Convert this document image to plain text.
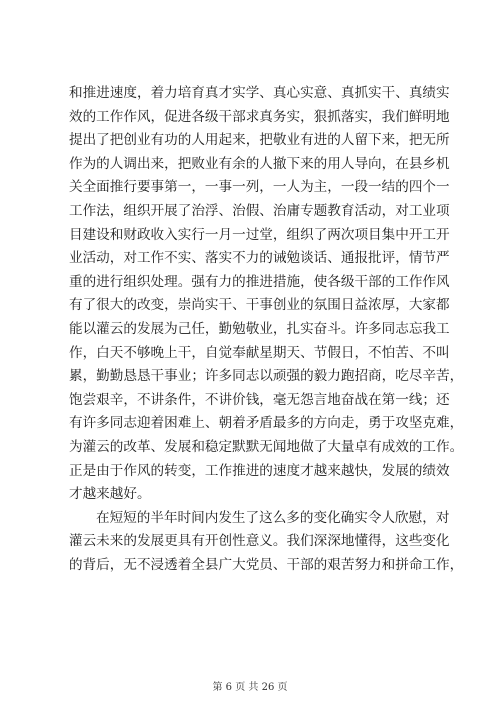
和推进速度，着力培育真才实学、真心实意、真抓实干、真绩实
效的工作作风，促进各级干部求真务实，狠抓落实，我们鲜明地
提出了把创业有功的人用起来，把敬业有进的人留下来，把无所
作为的人调出来，把败业有余的人撤下来的用人导向，在县乡机
关全面推行要事第一，一事一列，一人为主，一段一结的四个一
工作法，组织开展了治浮、治假、治庸专题教育活动，对工业项
目建设和财政收入实行一月一过堂，组织了两次项目集中开工开
业活动，对工作不实、落实不力的诫勉谈话、通报批评，情节严
重的进行组织处理。强有力的推进措施，使各级干部的工作作风
有了很大的改变，崇尚实干、干事创业的氛围日益浓厚，大家都
能以灌云的发展为己任，勤勉敬业，扎实奋斗。许多同志忘我工
作，白天不够晚上干，自觉奉献星期天、节假日，不怕苦、不叫
累，勤勤恳恳干事业；许多同志以顽强的毅力跑招商，吃尽辛苦，
饱尝艰辛，不讲条件，不讲价钱，毫无怨言地奋战在第一线；还
有许多同志迎着困难上、朝着矛盾最多的方向走，勇于攻坚克难，
为灌云的改革、发展和稳定默默无闻地做了大量卓有成效的工作。
正是由于作风的转变，工作推进的速度才越来越快，发展的绩效
才越来越好。
在短短的半年时间内发生了这么多的变化确实令人欣慰，对
灌云未来的发展更具有开创性意义。我们深深地懂得，这些变化
的背后，无不浸透着全县广大党员、干部的艰苦努力和拼命工作，
第 6 页 共 26 页
